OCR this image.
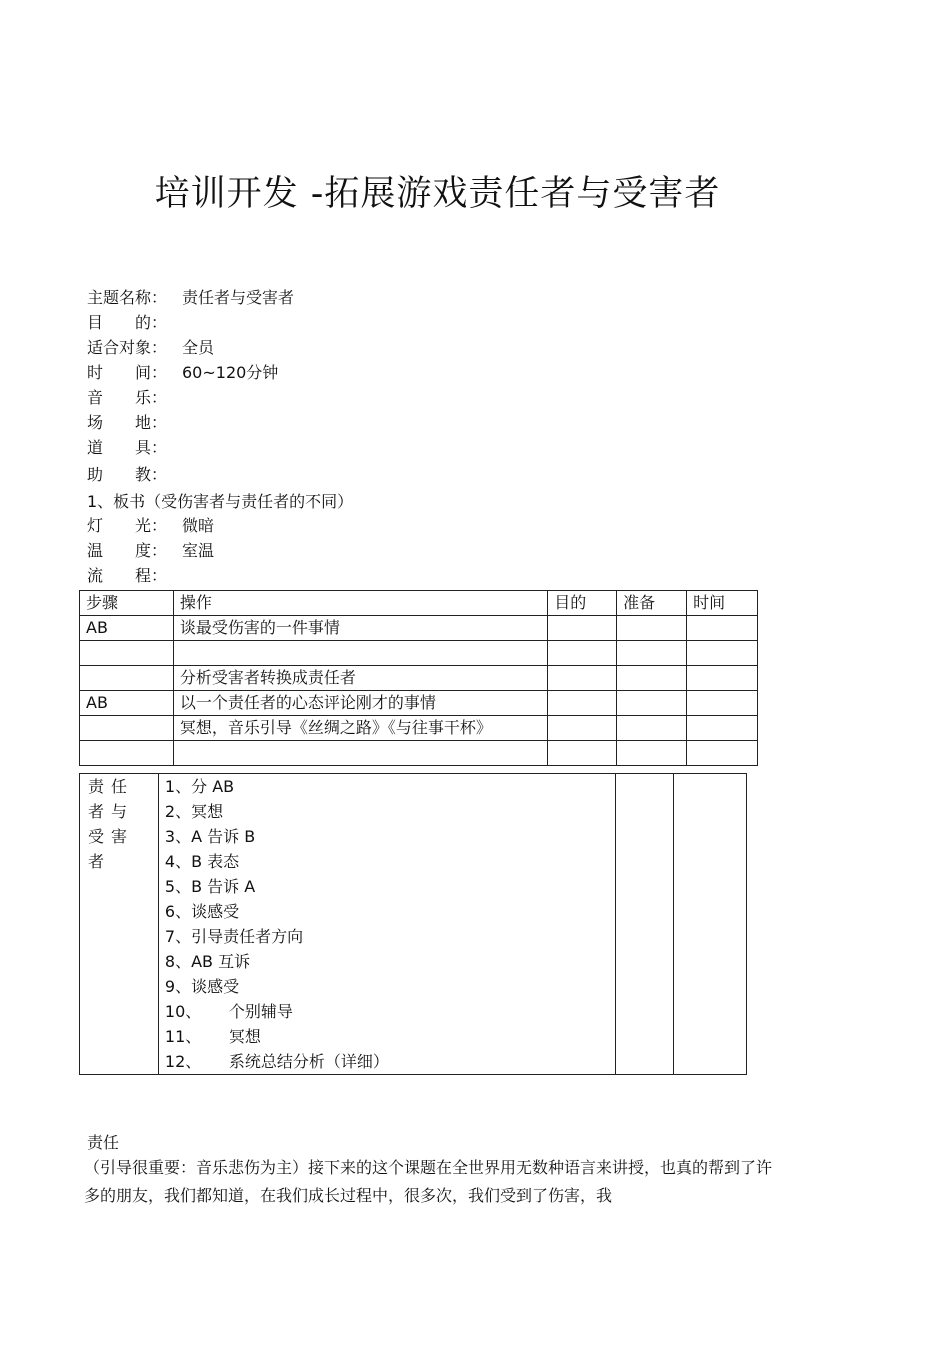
培训开发 -拓展游戏责任者与受害者
主题名称： 责任者与受害者
目　　的：
适合对象： 全员
时　　间： 60~120分钟
音　　乐：
场　　地：
道　　具：
助　　教：
1、板书（受伤害者与责任者的不同）
灯　　光： 微暗
温　　度： 室温
流　　程：
步骤	操作	目的	准备	时间
AB	谈最受伤害的一件事情			

	分析受害者转换成责任者			
AB	以一个责任者的心态评论刚才的事情			
	冥想，音乐引导《丝绸之路》《与往事干杯》			

责任者与受害者	
1、分 AB
2、冥想
3、A 告诉 B
4、B 表态
5、B 告诉 A
6、谈感受
7、引导责任者方向
8、AB 互诉
9、谈感受
10、 个别辅导
11、 冥想
12、 系统总结分析（详细）

责任
（引导很重要：音乐悲伤为主）接下来的这个课题在全世界用无数种语言来讲授，也真的帮到了许多的朋友，我们都知道，在我们成长过程中，很多次，我们受到了伤害，我
